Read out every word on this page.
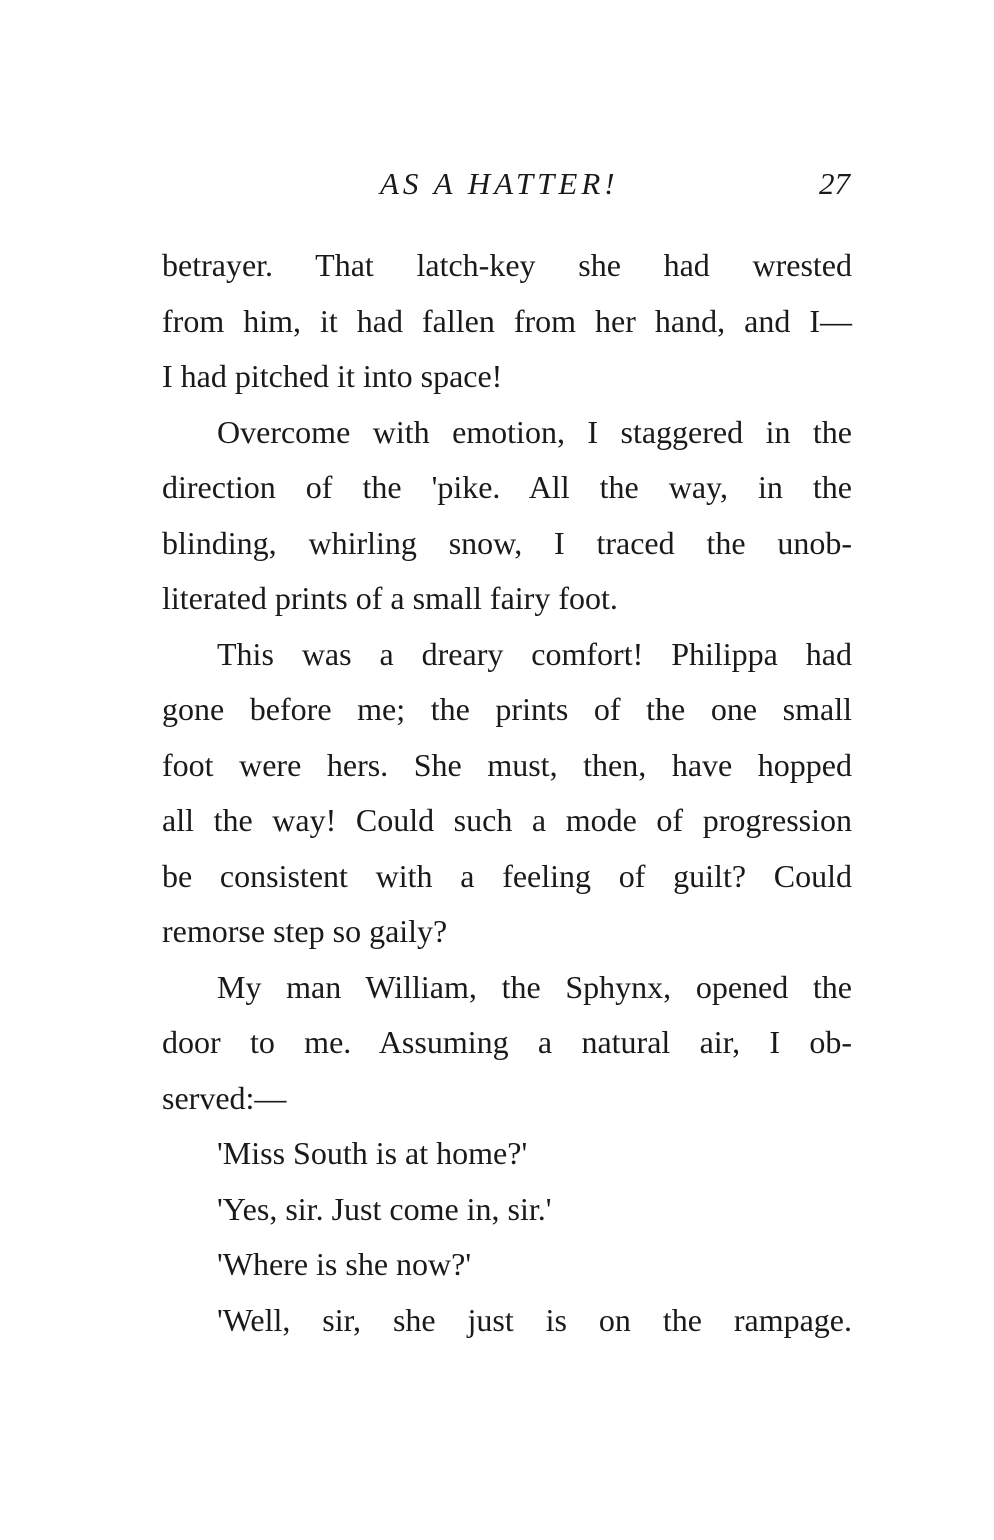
AS A HATTER!	27
betrayer. That latch-key she had wrested
from him, it had fallen from her hand, and I—
I had pitched it into space!
Overcome with emotion, I staggered in the
direction of the 'pike. All the way, in the
blinding, whirling snow, I traced the unob-
literated prints of a small fairy foot.
This was a dreary comfort! Philippa had
gone before me; the prints of the one small
foot were hers. She must, then, have hopped
all the way! Could such a mode of progression
be consistent with a feeling of guilt? Could
remorse step so gaily?
My man William, the Sphynx, opened the
door to me. Assuming a natural air, I ob-
served:—
'Miss South is at home?'
'Yes, sir. Just come in, sir.'
'Where is she now?'
'Well, sir, she just is on the rampage.
